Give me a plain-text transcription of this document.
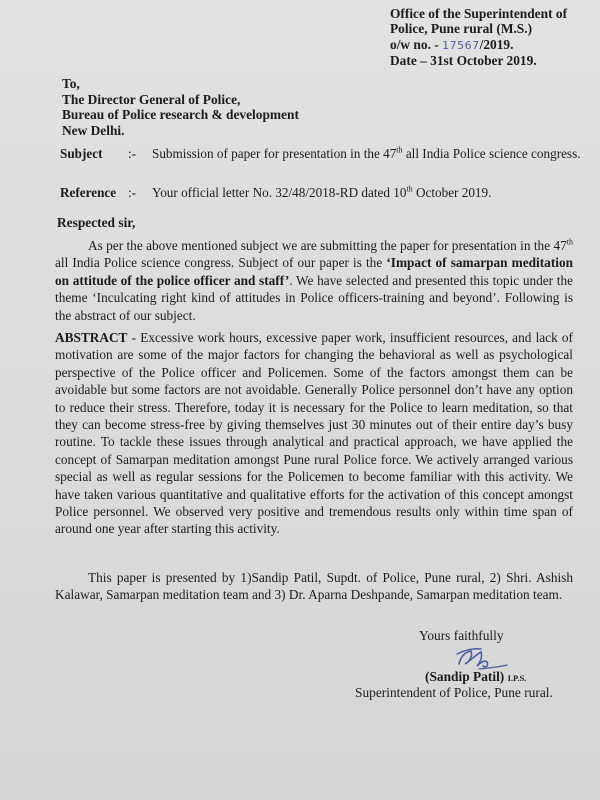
Office of the Superintendent of
Police, Pune rural (M.S.)
o/w no. - 17567/2019.
Date – 31st October 2019.
To,
The Director General of Police,
Bureau of Police research & development
New Delhi.
Subject	:-	Submission of paper for presentation in the 47th all India Police science congress.
Reference :-	Your official letter No. 32/48/2018-RD dated 10th October 2019.
Respected sir,
As per the above mentioned subject we are submitting the paper for presentation in the 47th all India Police science congress. Subject of our paper is the ‘Impact of samarpan meditation on attitude of the police officer and staff’. We have selected and presented this topic under the theme ‘Inculcating right kind of attitudes in Police officers-training and beyond’. Following is the abstract of our subject.
ABSTRACT - Excessive work hours, excessive paper work, insufficient resources, and lack of motivation are some of the major factors for changing the behavioral as well as psychological perspective of the Police officer and Policemen. Some of the factors amongst them can be avoidable but some factors are not avoidable. Generally Police personnel don’t have any option to reduce their stress. Therefore, today it is necessary for the Police to learn meditation, so that they can become stress-free by giving themselves just 30 minutes out of their entire day’s busy routine. To tackle these issues through analytical and practical approach, we have applied the concept of Samarpan meditation amongst Pune rural Police force. We actively arranged various special as well as regular sessions for the Policemen to become familiar with this activity. We have taken various quantitative and qualitative efforts for the activation of this concept amongst Police personnel. We observed very positive and tremendous results only within time span of around one year after starting this activity.
This paper is presented by 1)Sandip Patil, Supdt. of Police, Pune rural, 2) Shri. Ashish Kalawar, Samarpan meditation team and 3) Dr. Aparna Deshpande, Samarpan meditation team.
Yours faithfully
(Sandip Patil) I.P.S.
Superintendent of Police, Pune rural.
